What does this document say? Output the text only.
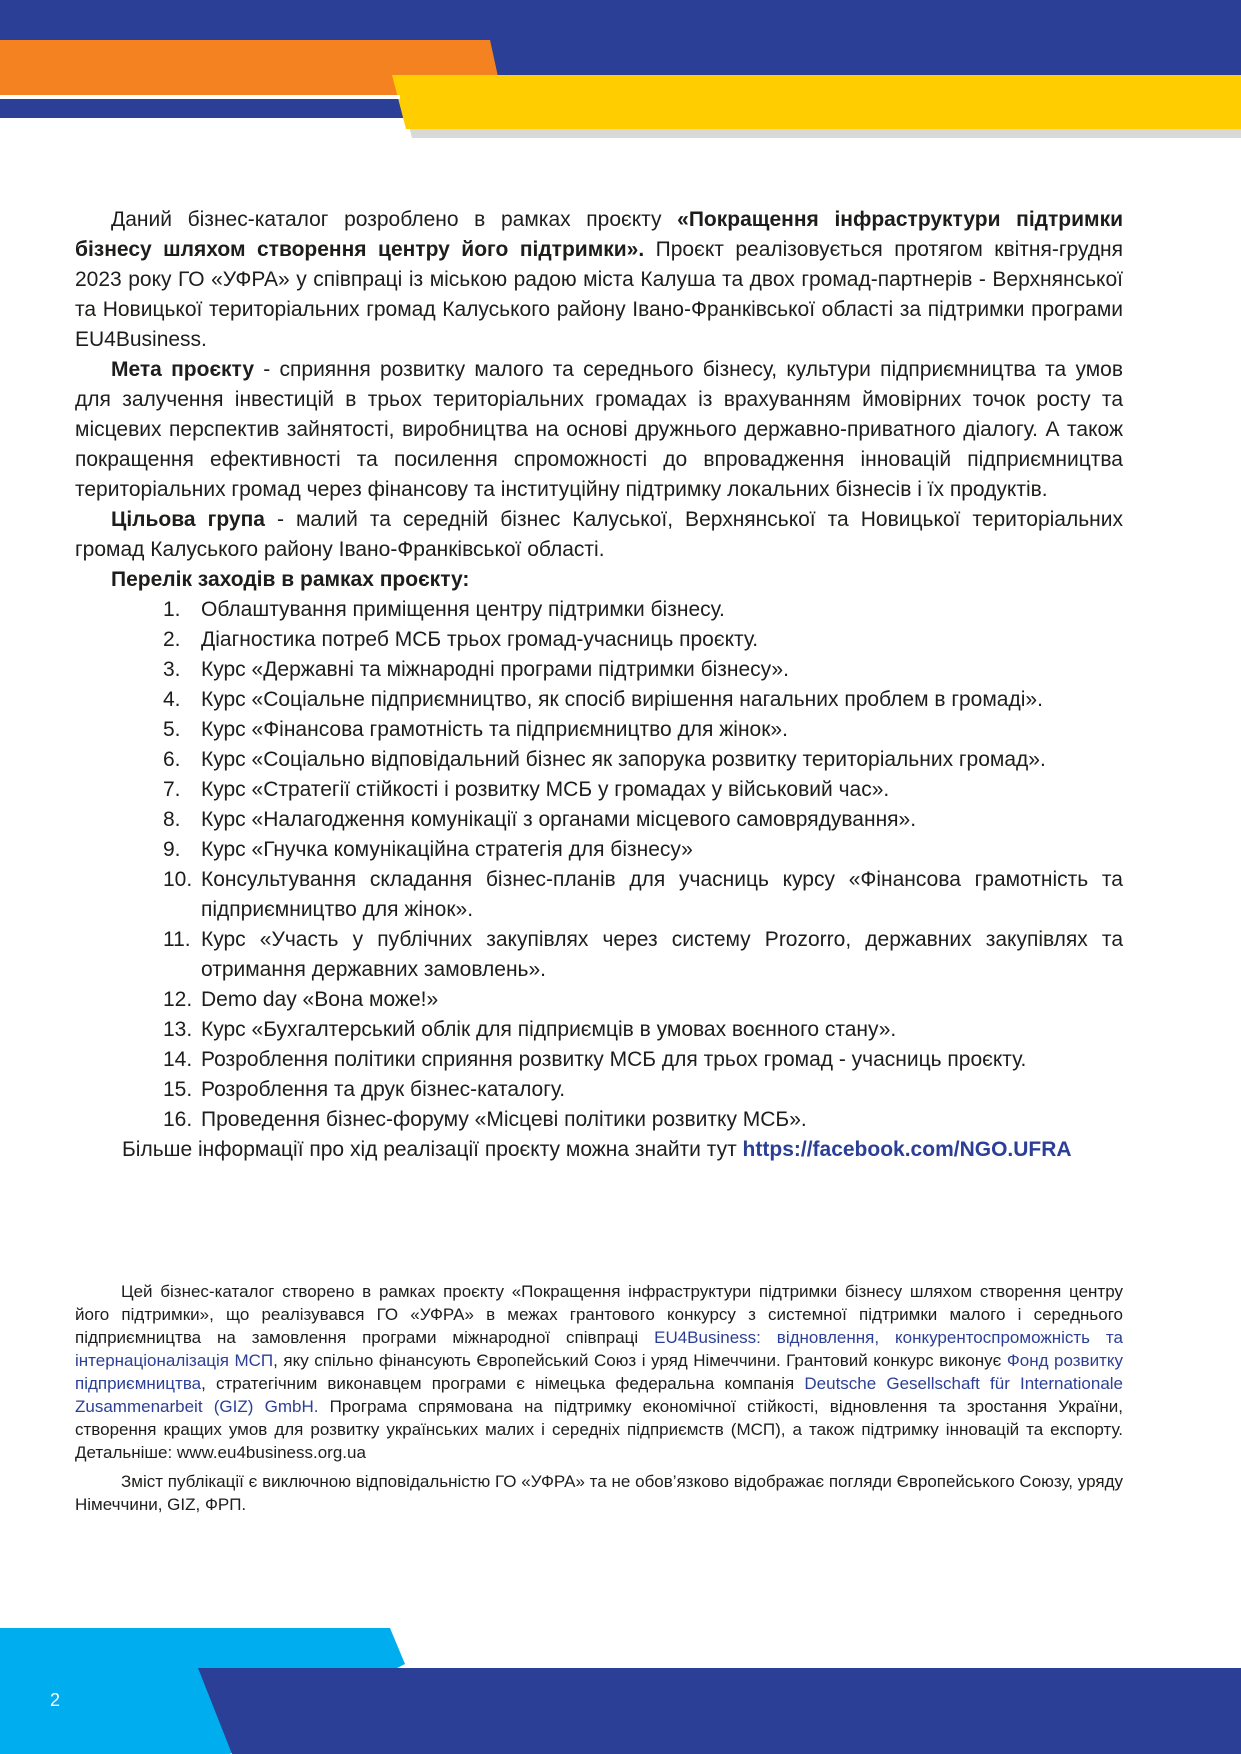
Даний бізнес-каталог розроблено в рамках проєкту «Покращення інфраструктури підтримки бізнесу шляхом створення центру його підтримки». Проєкт реалізовується протягом квітня-грудня 2023 року ГО «УФРА» у співпраці із міською радою міста Калуша та двох громад-партнерів - Верхнянської та Новицької територіальних громад Калуського району Івано-Франківської області за підтримки програми EU4Business.

Мета проєкту - сприяння розвитку малого та середнього бізнесу, культури підприємництва та умов для залучення інвестицій в трьох територіальних громадах із врахуванням ймовірних точок росту та місцевих перспектив зайнятості, виробництва на основі дружнього державно-приватного діалогу. А також покращення ефективності та посилення спроможності до впровадження інновацій підприємництва територіальних громад через фінансову та інституційну підтримку локальних бізнесів і їх продуктів.

Цільова група - малий та середній бізнес Калуської, Верхнянської та Новицької територіальних громад Калуського району Івано-Франківської області.

Перелік заходів в рамках проєкту:
1. Облаштування приміщення центру підтримки бізнесу.
2. Діагностика потреб МСБ трьох громад-учасниць проєкту.
3. Курс «Державні та міжнародні програми підтримки бізнесу».
4. Курс «Соціальне підприємництво, як спосіб вирішення нагальних проблем в громаді».
5. Курс «Фінансова грамотність та підприємництво для жінок».
6. Курс «Соціально відповідальний бізнес як запорука розвитку територіальних громад».
7. Курс «Стратегії стійкості і розвитку МСБ у громадах у військовий час».
8. Курс «Налагодження комунікації з органами місцевого самоврядування».
9. Курс «Гнучка комунікаційна стратегія для бізнесу»
10. Консультування складання бізнес-планів для учасниць курсу «Фінансова грамотність та підприємництво для жінок».
11. Курс «Участь у публічних закупівлях через систему Prozorro, державних закупівлях та отримання державних замовлень».
12. Demo day «Вона може!»
13. Курс «Бухгалтерський облік для підприємців в умовах воєнного стану».
14. Розроблення політики сприяння розвитку МСБ для трьох громад - учасниць проєкту.
15. Розроблення та друк бізнес-каталогу.
16. Проведення бізнес-форуму «Місцеві політики розвитку МСБ».

Більше інформації про хід реалізації проєкту можна знайти тут https://facebook.com/NGO.UFRA

Цей бізнес-каталог створено в рамках проєкту «Покращення інфраструктури підтримки бізнесу шляхом створення центру його підтримки», що реалізувався ГО «УФРА» в межах грантового конкурсу з системної підтримки малого і середнього підприємництва на замовлення програми міжнародної співпраці EU4Business: відновлення, конкурентоспроможність та інтернаціоналізація МСП, яку спільно фінансують Європейський Союз і уряд Німеччини. Грантовий конкурс виконує Фонд розвитку підприємництва, стратегічним виконавцем програми є німецька федеральна компанія Deutsche Gesellschaft für Internationale Zusammenarbeit (GIZ) GmbH. Програма спрямована на підтримку економічної стійкості, відновлення та зростання України, створення кращих умов для розвитку українських малих і середніх підприємств (МСП), а також підтримку інновацій та експорту. Детальніше: www.eu4business.org.ua

Зміст публікації є виключною відповідальністю ГО «УФРА» та не обов’язково відображає погляди Європейського Союзу, уряду Німеччини, GIZ, ФРП.

2
